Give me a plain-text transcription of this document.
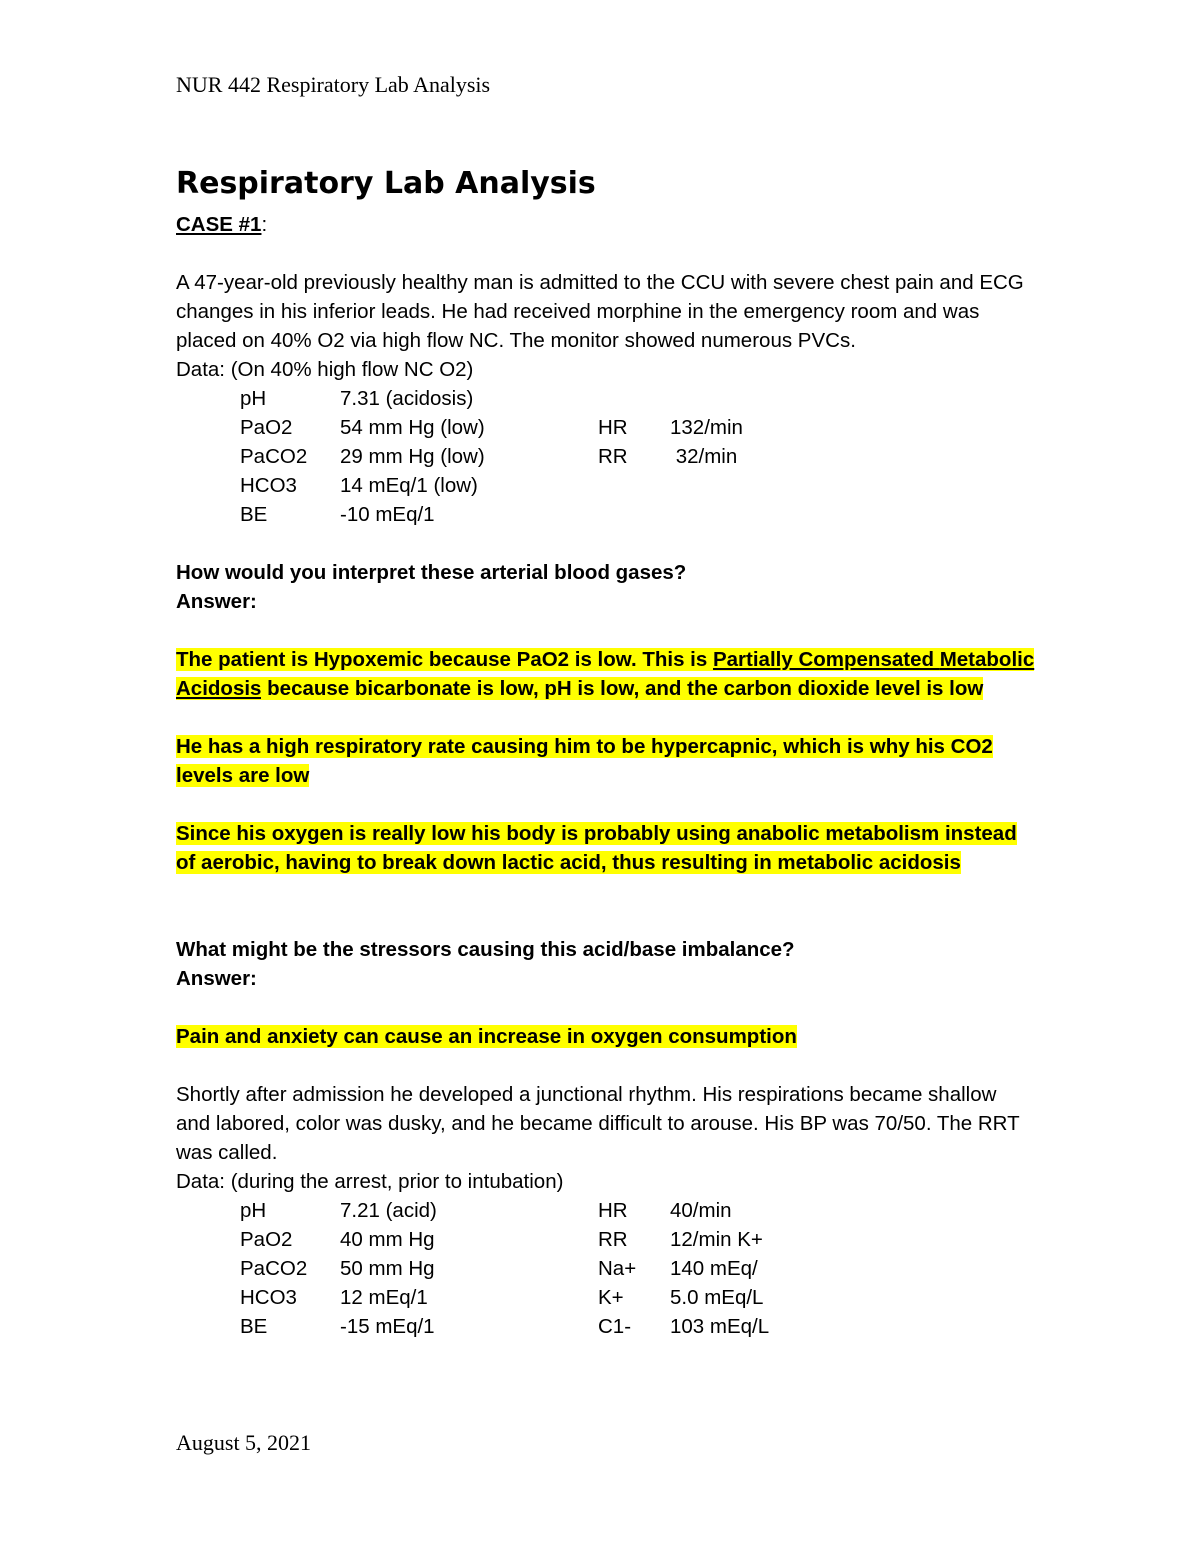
NUR 442 Respiratory Lab Analysis
Respiratory Lab Analysis

CASE #1:

A 47-year-old previously healthy man is admitted to the CCU with severe chest pain and ECG changes in his inferior leads. He had received morphine in the emergency room and was placed on 40% O2 via high flow NC. The monitor showed numerous PVCs.

Data: (On 40% high flow NC O2)

pH	7.31 (acidosis)		
PaO2	54 mm Hg (low)	HR	132/min
PaCO2	29 mm Hg (low)	RR	32/min
HCO3	14 mEq/1 (low)		
BE	-10 mEq/1		

How would you interpret these arterial blood gases?

Answer:

The patient is Hypoxemic because PaO2 is low. This is Partially Compensated Metabolic Acidosis because bicarbonate is low, pH is low, and the carbon dioxide level is low

He has a high respiratory rate causing him to be hypercapnic, which is why his CO2 levels are low

Since his oxygen is really low his body is probably using anabolic metabolism instead of aerobic, having to break down lactic acid, thus resulting in metabolic acidosis

What might be the stressors causing this acid/base imbalance?

Answer:

Pain and anxiety can cause an increase in oxygen consumption

Shortly after admission he developed a junctional rhythm. His respirations became shallow and labored, color was dusky, and he became difficult to arouse. His BP was 70/50. The RRT was called.

Data: (during the arrest, prior to intubation)

pH	7.21 (acid)	HR	40/min
PaO2	40 mm Hg	RR	12/min K+
PaCO2	50 mm Hg	Na+	140 mEq/
HCO3	12 mEq/1	K+	5.0 mEq/L
BE	-15 mEq/1	C1-	103 mEq/L
August 5, 2021
